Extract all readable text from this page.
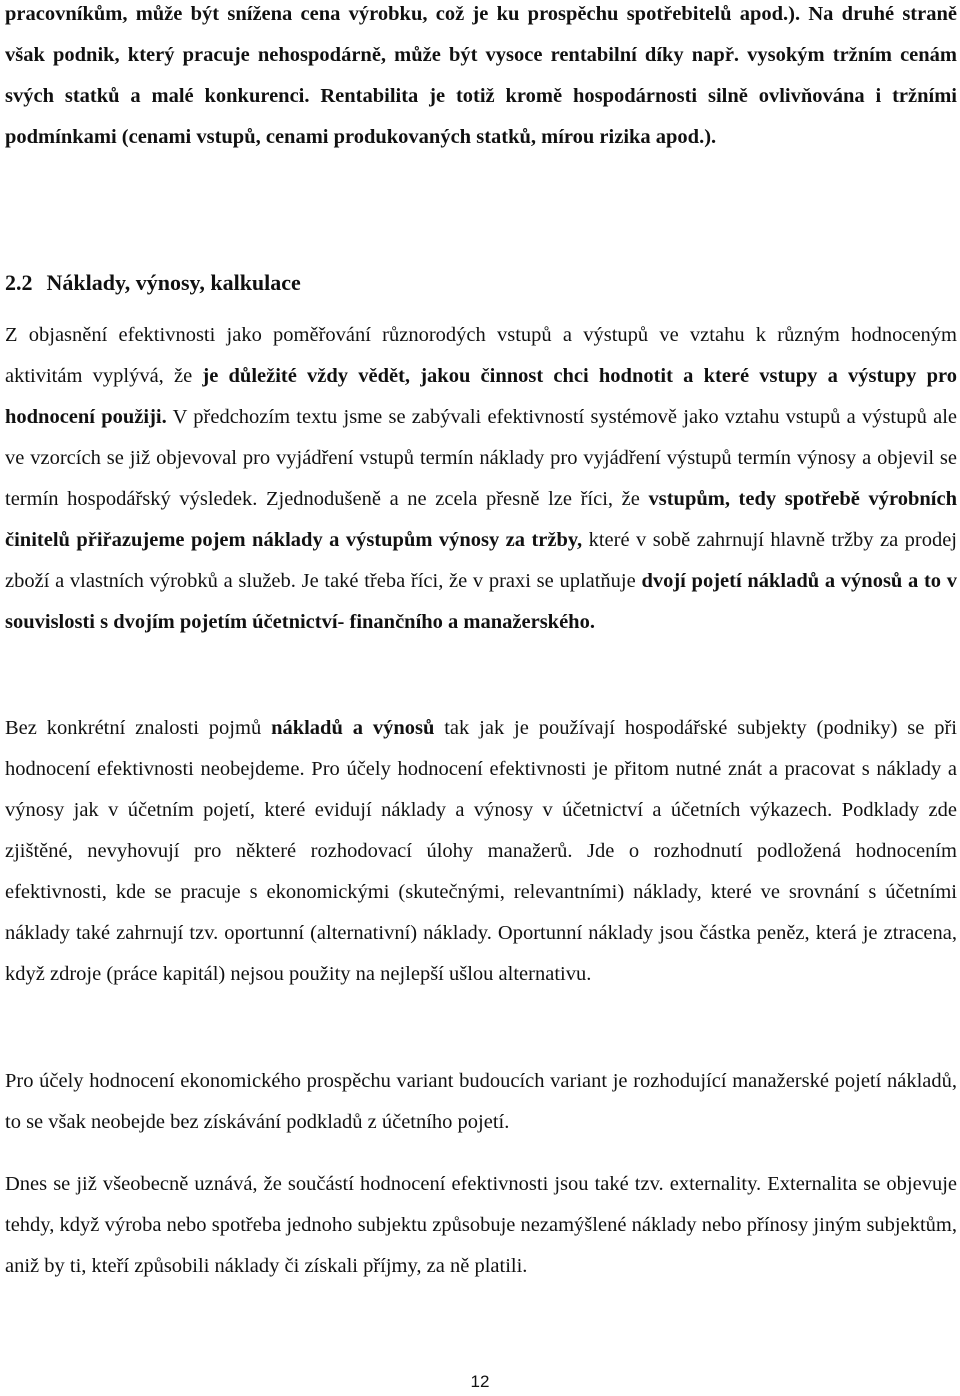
pracovníkům, může být snížena cena výrobku, což je ku prospěchu spotřebitelů apod.). Na druhé straně však podnik, který pracuje nehospodárně, může být vysoce rentabilní díky např. vysokým tržním cenám svých statků a malé konkurenci. Rentabilita je totiž kromě hospodárnosti silně ovlivňována i tržními podmínkami (cenami vstupů, cenami produkovaných statků, mírou rizika apod.).

2.2 Náklady, výnosy, kalkulace

Z objasnění efektivnosti jako poměřování různorodých vstupů a výstupů ve vztahu k různým hodnoceným aktivitám vyplývá, že je důležité vždy vědět, jakou činnost chci hodnotit a které vstupy a výstupy pro hodnocení použiji. V předchozím textu jsme se zabývali efektivností systémově jako vztahu vstupů a výstupů ale ve vzorcích se již objevoval pro vyjádření vstupů termín náklady pro vyjádření výstupů termín výnosy a objevil se termín hospodářský výsledek. Zjednodušeně a ne zcela přesně lze říci, že vstupům, tedy spotřebě výrobních činitelů přiřazujeme pojem náklady a výstupům výnosy za tržby, které v sobě zahrnují hlavně tržby za prodej zboží a vlastních výrobků a služeb. Je také třeba říci, že v praxi se uplatňuje dvojí pojetí nákladů a výnosů a to v souvislosti s dvojím pojetím účetnictví- finančního a manažerského.

Bez konkrétní znalosti pojmů nákladů a výnosů tak jak je používají hospodářské subjekty (podniky) se při hodnocení efektivnosti neobejdeme. Pro účely hodnocení efektivnosti je přitom nutné znát a pracovat s náklady a výnosy jak v účetním pojetí, které evidují náklady a výnosy v účetnictví a účetních výkazech. Podklady zde zjištěné, nevyhovují pro některé rozhodovací úlohy manažerů. Jde o rozhodnutí podložená hodnocením efektivnosti, kde se pracuje s ekonomickými (skutečnými, relevantními) náklady, které ve srovnání s účetními náklady také zahrnují tzv. oportunní (alternativní) náklady. Oportunní náklady jsou částka peněz, která je ztracena, když zdroje (práce kapitál) nejsou použity na nejlepší ušlou alternativu.

Pro účely hodnocení ekonomického prospěchu variant budoucích variant je rozhodující manažerské pojetí nákladů, to se však neobejde bez získávání podkladů z účetního pojetí.

Dnes se již všeobecně uznává, že součástí hodnocení efektivnosti jsou také tzv. externality. Externalita se objevuje tehdy, když výroba nebo spotřeba jednoho subjektu způsobuje nezamýšlené náklady nebo přínosy jiným subjektům, aniž by ti, kteří způsobili náklady či získali příjmy, za ně platili.

12
